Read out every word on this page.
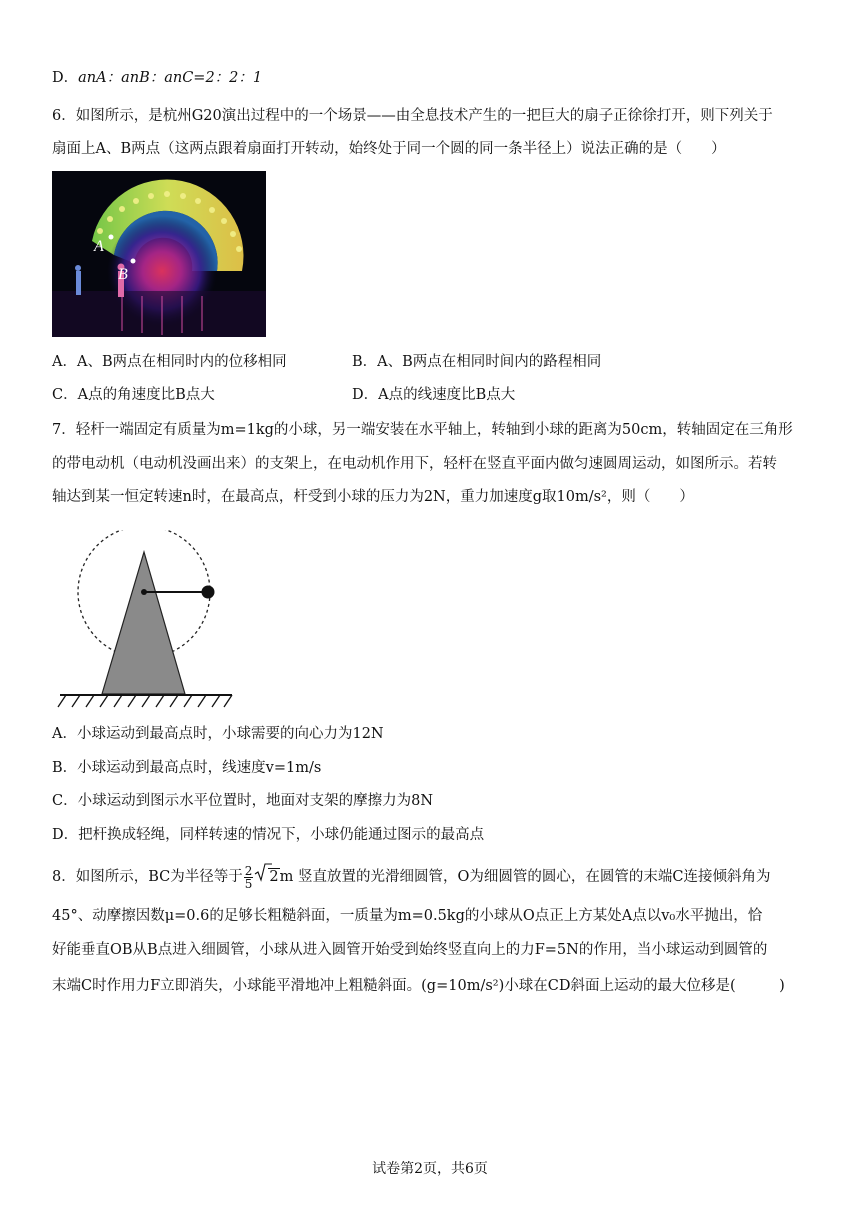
D．anA：anB：anC=2：2：1
6．如图所示，是杭州G20演出过程中的一个场景——由全息技术产生的一把巨大的扇子正徐徐打开，则下列关于
扇面上A、B两点（这两点跟着扇面打开转动，始终处于同一个圆的同一条半径上）说法正确的是（　　）
A
B
A．A、B两点在相同时内的位移相同	B．A、B两点在相同时间内的路程相同
C．A点的角速度比B点大	D．A点的线速度比B点大
7．轻杆一端固定有质量为m=1kg的小球，另一端安装在水平轴上，转轴到小球的距离为50cm，转轴固定在三角形
的带电动机（电动机没画出来）的支架上，在电动机作用下，轻杆在竖直平面内做匀速圆周运动，如图所示。若转
轴达到某一恒定转速n时，在最高点，杆受到小球的压力为2N，重力加速度g取10m/s²，则（　　）
A．小球运动到最高点时，小球需要的向心力为12N
B．小球运动到最高点时，线速度v=1m/s
C．小球运动到图示水平位置时，地面对支架的摩擦力为8N
D．把杆换成轻绳，同样转速的情况下，小球仍能通过图示的最高点
8．如图所示，BC为半径等于 $\frac{2}{5} 2m$ 竖直放置的光滑细圆管，O为细圆管的圆心，在圆管的末端C连接倾斜角为
45°、动摩擦因数μ=0.6的足够长粗糙斜面，一质量为m=0.5kg的小球从O点正上方某处A点以v₀水平抛出，恰
好能垂直OB从B点进入细圆管，小球从进入圆管开始受到始终竖直向上的力F=5N的作用，当小球运动到圆管的
末端C时作用力F立即消失，小球能平滑地冲上粗糙斜面。(g=10m/s²)小球在CD斜面上运动的最大位移是(　　　)
试卷第2页，共6页
